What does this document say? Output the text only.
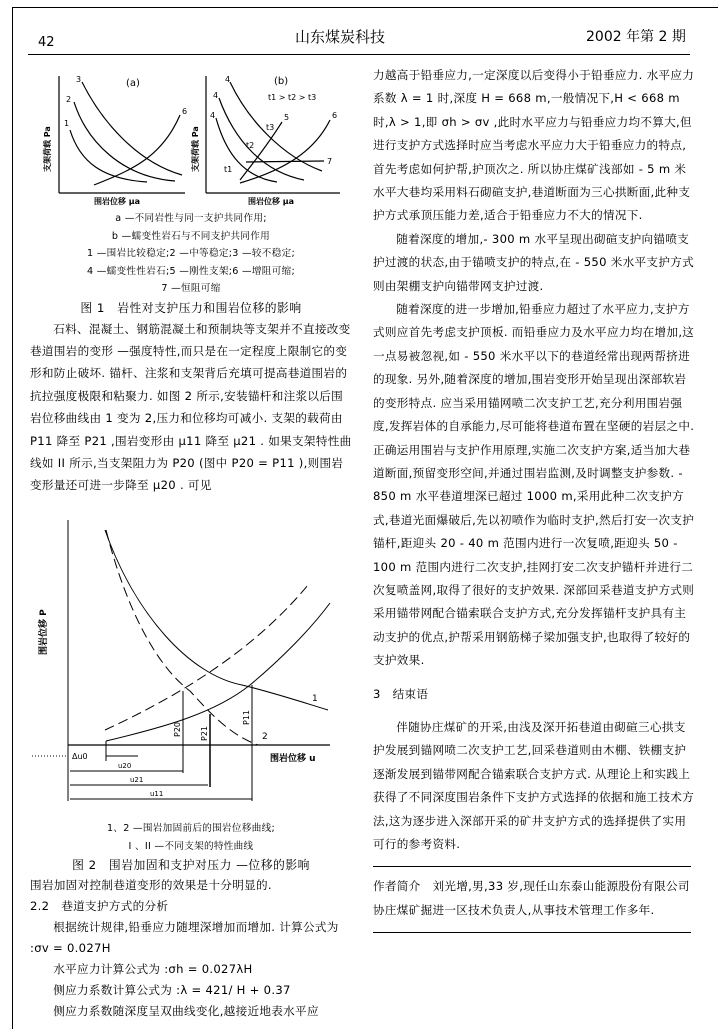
42	山东煤炭科技	2002 年第 2 期
(a)
支架荷载 Pa
围岩位移 μa
1
2
3
6
(b)
t1 > t2 > t3
支架荷载 Pa
围岩位移 μa
4
4
4
5	6
7
t3
t2
t1

a —不同岩性与同一支护共同作用;

b —蠕变性岩石与不同支护共同作用

1 —围岩比较稳定;2 —中等稳定;3 —较不稳定;

4 —蠕变性性岩石;5 —刚性支架;6 —增阻可缩;

7 —恒阻可缩

图 1　岩性对支护压力和围岩位移的影响

石料、混凝土、钢筋混凝土和预制块等支架并不直接改变巷道围岩的变形 —强度特性,而只是在一定程度上限制它的变形和防止破坏. 锚杆、注浆和支架背后充填可提高巷道围岩的抗拉强度极限和粘聚力. 如图 2 所示,安装锚杆和注浆以后围岩位移曲线由 1 变为 2,压力和位移均可减小. 支架的载荷由 P11 降至 P21 ,围岩变形由 μ11 降至 μ21 . 如果支架特性曲线如 II 所示,当支架阻力为 P20 (图中 P20 = P11 ),则围岩变形量还可进一步降至 μ20 . 可见

围岩位移 P
围岩位移 u
P20 P21
P11
1
2
Δu0
u20
u21
u11

1、2 —围岩加固前后的围岩位移曲线;

I 、II —不同支架的特性曲线

图 2　围岩加固和支护对压力 —位移的影响

围岩加固对控制巷道变形的效果是十分明显的.

2.2　巷道支护方式的分析

根据统计规律,铅垂应力随埋深增加而增加. 计算公式为 :σv = 0.027H

水平应力计算公式为 :σh = 0.027λH

侧应力系数计算公式为 :λ = 421/ H + 0.37

侧应力系数随深度呈双曲线变化,越接近地表水平应

力越高于铅垂应力,一定深度以后变得小于铅垂应力. 水平应力系数 λ = 1 时,深度 H = 668 m,一般情况下,H < 668 m 时,λ > 1,即 σh > σv ,此时水平应力与铅垂应力均不算大,但进行支护方式选择时应当考虑水平应力大于铅垂应力的特点,首先考虑如何护帮,护顶次之. 所以协庄煤矿浅部如 - 5 m 米水平大巷均采用料石砌碹支护,巷道断面为三心拱断面,此种支护方式承顶压能力差,适合于铅垂应力不大的情况下.

随着深度的增加,- 300 m 水平呈现出砌碹支护向锚喷支护过渡的状态,由于锚喷支护的特点,在 - 550 米水平支护方式则由架棚支护向锚带网支护过渡.

随着深度的进一步增加,铅垂应力超过了水平应力,支护方式则应首先考虑支护顶板. 而铅垂应力及水平应力均在增加,这一点易被忽视,如 - 550 米水平以下的巷道经常出现两帮挤进的现象. 另外,随着深度的增加,围岩变形开始呈现出深部软岩的变形特点. 应当采用锚网喷二次支护工艺,充分利用围岩强度,发挥岩体的自承能力,尽可能将巷道布置在坚硬的岩层之中. 正确运用围岩与支护作用原理,实施二次支护方案,适当加大巷道断面,预留变形空间,并通过围岩监测,及时调整支护参数. - 850 m 水平巷道埋深已超过 1000 m,采用此种二次支护方式,巷道光面爆破后,先以初喷作为临时支护,然后打安一次支护锚杆,距迎头 20 - 40 m 范围内进行一次复喷,距迎头 50 - 100 m 范围内进行二次支护,挂网打安二次支护锚杆并进行二次复喷盖网,取得了很好的支护效果. 深部回采巷道支护方式则采用锚带网配合锚索联合支护方式,充分发挥锚杆支护具有主动支护的优点,护帮采用钢筋梯子梁加强支护,也取得了较好的支护效果.

3　结束语

伴随协庄煤矿的开采,由浅及深开拓巷道由砌碹三心拱支护发展到锚网喷二次支护工艺,回采巷道则由木棚、铁棚支护逐渐发展到锚带网配合锚索联合支护方式. 从理论上和实践上获得了不同深度围岩条件下支护方式选择的依据和施工技术方法,这为逐步进入深部开采的矿井支护方式的选择提供了实用可行的参考资料.

作者简介  刘光增,男,33 岁,现任山东泰山能源股份有限公司协庄煤矿掘进一区技术负责人,从事技术管理工作多年.
